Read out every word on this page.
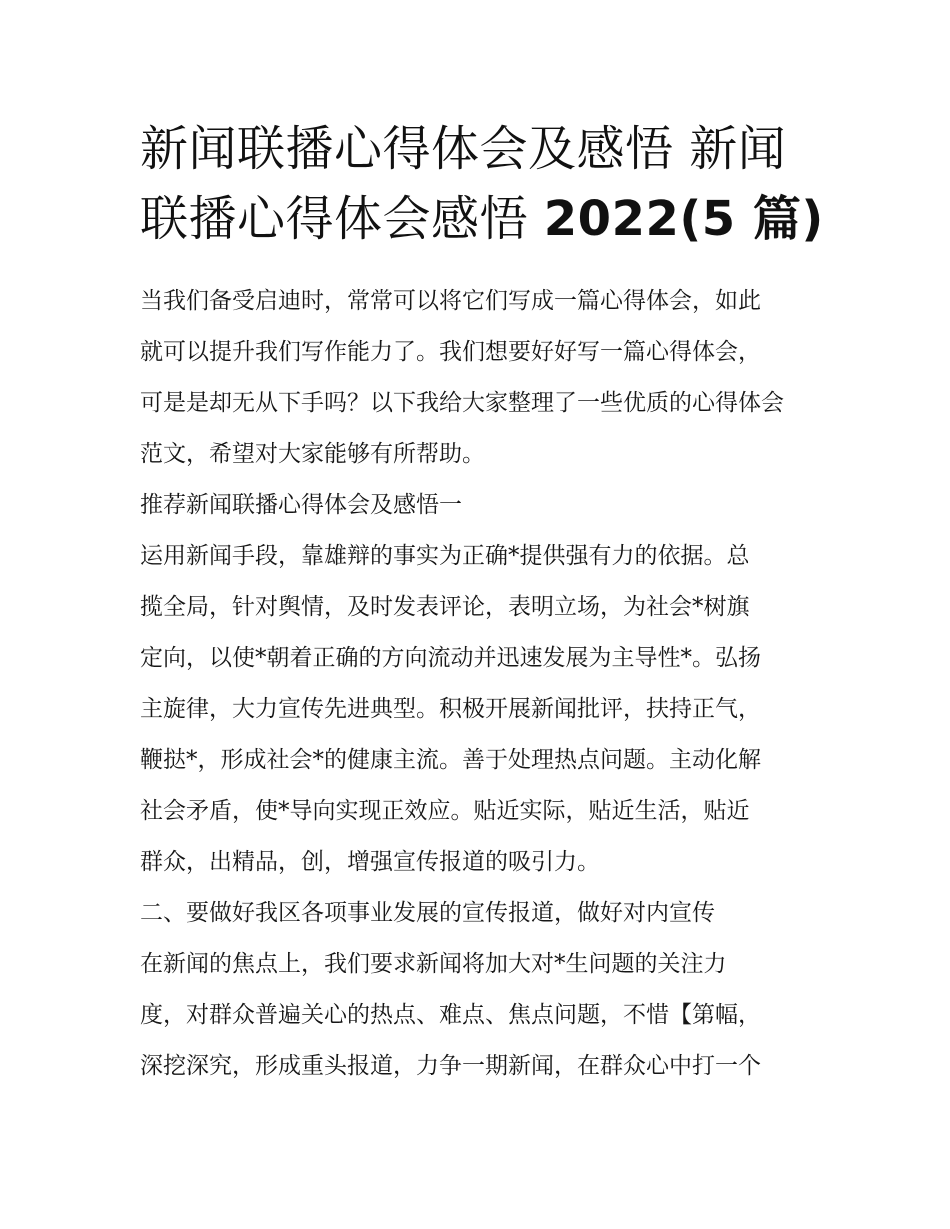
新闻联播心得体会及感悟 新闻
联播心得体会感悟 2022(5 篇)

当我们备受启迪时，常常可以将它们写成一篇心得体会，如此
就可以提升我们写作能力了。我们想要好好写一篇心得体会，
可是是却无从下手吗？以下我给大家整理了一些优质的心得体会
范文，希望对大家能够有所帮助。

推荐新闻联播心得体会及感悟一

运用新闻手段，靠雄辩的事实为正确*提供强有力的依据。总
揽全局，针对舆情，及时发表评论，表明立场，为社会*树旗
定向，以使*朝着正确的方向流动并迅速发展为主导性*。弘扬
主旋律，大力宣传先进典型。积极开展新闻批评，扶持正气，
鞭挞*，形成社会*的健康主流。善于处理热点问题。主动化解
社会矛盾，使*导向实现正效应。贴近实际，贴近生活，贴近
群众，出精品，创，增强宣传报道的吸引力。

二、要做好我区各项事业发展的宣传报道，做好对内宣传

在新闻的焦点上，我们要求新闻将加大对*生问题的关注力
度，对群众普遍关心的热点、难点、焦点问题，不惜【第幅，
深挖深究，形成重头报道，力争一期新闻，在群众心中打一个
